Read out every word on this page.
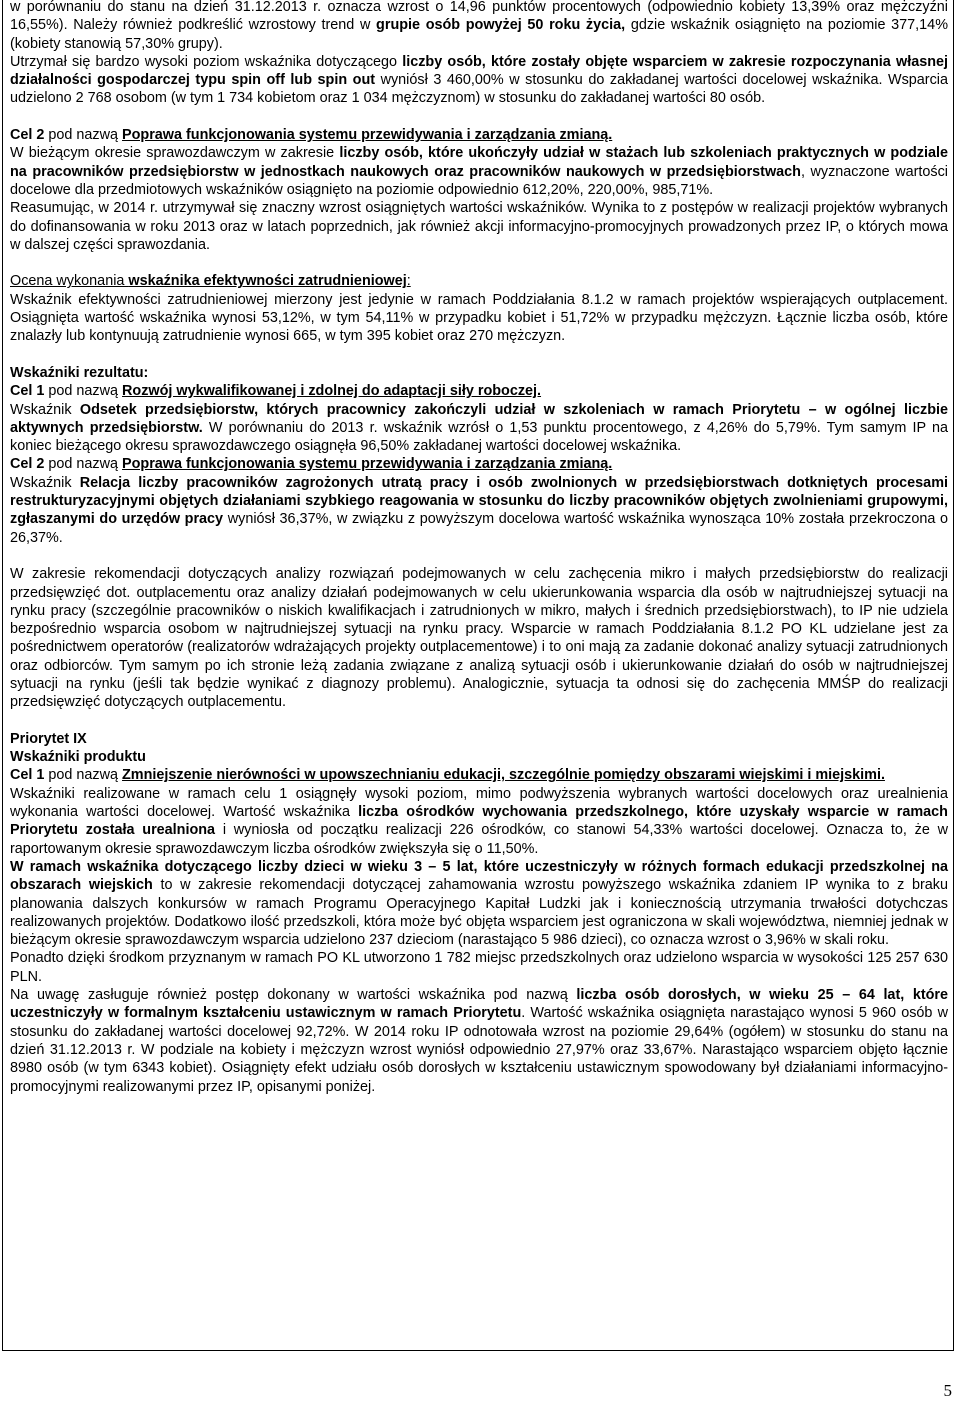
w porównaniu do stanu na dzień 31.12.2013 r. oznacza wzrost o 14,96 punktów procentowych (odpowiednio kobiety 13,39% oraz mężczyźni 16,55%). Należy również podkreślić wzrostowy trend w grupie osób powyżej 50 roku życia, gdzie wskaźnik osiągnięto na poziomie 377,14% (kobiety stanowią 57,30% grupy).

Utrzymał się bardzo wysoki poziom wskaźnika dotyczącego liczby osób, które zostały objęte wsparciem w zakresie rozpoczynania własnej działalności gospodarczej typu spin off lub spin out wyniósł 3 460,00% w stosunku do zakładanej wartości docelowej wskaźnika. Wsparcia udzielono 2 768 osobom (w tym 1 734 kobietom oraz 1 034 mężczyznom) w stosunku do zakładanej wartości 80 osób.

Cel 2 pod nazwą Poprawa funkcjonowania systemu przewidywania i zarządzania zmianą.

W bieżącym okresie sprawozdawczym w zakresie liczby osób, które ukończyły udział w stażach lub szkoleniach praktycznych w podziale na pracowników przedsiębiorstw w jednostkach naukowych oraz pracowników naukowych w przedsiębiorstwach, wyznaczone wartości docelowe dla przedmiotowych wskaźników osiągnięto na poziomie odpowiednio 612,20%, 220,00%, 985,71%.

Reasumując, w 2014 r. utrzymywał się znaczny wzrost osiągniętych wartości wskaźników. Wynika to z postępów w realizacji projektów wybranych do dofinansowania w roku 2013 oraz w latach poprzednich, jak również akcji informacyjno-promocyjnych prowadzonych przez IP, o których mowa w dalszej części sprawozdania.

Ocena wykonania wskaźnika efektywności zatrudnieniowej:

Wskaźnik efektywności zatrudnieniowej mierzony jest jedynie w ramach Poddziałania 8.1.2 w ramach projektów wspierających outplacement. Osiągnięta wartość wskaźnika wynosi 53,12%, w tym 54,11% w przypadku kobiet i 51,72% w przypadku mężczyzn. Łącznie liczba osób, które znalazły lub kontynuują zatrudnienie wynosi 665, w tym 395 kobiet oraz 270 mężczyzn.

Wskaźniki rezultatu:

Cel 1 pod nazwą Rozwój wykwalifikowanej i zdolnej do adaptacji siły roboczej.

Wskaźnik Odsetek przedsiębiorstw, których pracownicy zakończyli udział w szkoleniach w ramach Priorytetu – w ogólnej liczbie aktywnych przedsiębiorstw. W porównaniu do 2013 r. wskaźnik wzrósł o 1,53 punktu procentowego, z 4,26% do 5,79%. Tym samym IP na koniec bieżącego okresu sprawozdawczego osiągnęła 96,50% zakładanej wartości docelowej wskaźnika.

Cel 2 pod nazwą Poprawa funkcjonowania systemu przewidywania i zarządzania zmianą.

Wskaźnik Relacja liczby pracowników zagrożonych utratą pracy i osób zwolnionych w przedsiębiorstwach dotkniętych procesami restrukturyzacyjnymi objętych działaniami szybkiego reagowania w stosunku do liczby pracowników objętych zwolnieniami grupowymi, zgłaszanymi do urzędów pracy wyniósł 36,37%, w związku z powyższym docelowa wartość wskaźnika wynosząca 10% została przekroczona o 26,37%.

W zakresie rekomendacji dotyczących analizy rozwiązań podejmowanych w celu zachęcenia mikro i małych przedsiębiorstw do realizacji przedsięwzięć dot. outplacementu oraz analizy działań podejmowanych w celu ukierunkowania wsparcia dla osób w najtrudniejszej sytuacji na rynku pracy (szczególnie pracowników o niskich kwalifikacjach i zatrudnionych w mikro, małych i średnich przedsiębiorstwach), to IP nie udziela bezpośrednio wsparcia osobom w najtrudniejszej sytuacji na rynku pracy. Wsparcie w ramach Poddziałania 8.1.2 PO KL udzielane jest za pośrednictwem operatorów (realizatorów wdrażających projekty outplacementowe) i to oni mają za zadanie dokonać analizy sytuacji zatrudnionych oraz odbiorców. Tym samym po ich stronie leżą zadania związane z analizą sytuacji osób i ukierunkowanie działań do osób w najtrudniejszej sytuacji na rynku (jeśli tak będzie wynikać z diagnozy problemu). Analogicznie, sytuacja ta odnosi się do zachęcenia MMŚP do realizacji przedsięwzięć dotyczących outplacementu.

Priorytet IX

Wskaźniki produktu

Cel 1 pod nazwą Zmniejszenie nierówności w upowszechnianiu edukacji, szczególnie pomiędzy obszarami wiejskimi i miejskimi.

Wskaźniki realizowane w ramach celu 1 osiągnęły wysoki poziom, mimo podwyższenia wybranych wartości docelowych oraz urealnienia wykonania wartości docelowej. Wartość wskaźnika liczba ośrodków wychowania przedszkolnego, które uzyskały wsparcie w ramach Priorytetu została urealniona i wyniosła od początku realizacji 226 ośrodków, co stanowi 54,33% wartości docelowej. Oznacza to, że w raportowanym okresie sprawozdawczym liczba ośrodków zwiększyła się o 11,50%.

W ramach wskaźnika dotyczącego liczby dzieci w wieku 3 – 5 lat, które uczestniczyły w różnych formach edukacji przedszkolnej na obszarach wiejskich to w zakresie rekomendacji dotyczącej zahamowania wzrostu powyższego wskaźnika zdaniem IP wynika to z braku planowania dalszych konkursów w ramach Programu Operacyjnego Kapitał Ludzki jak i koniecznością utrzymania trwałości dotychczas realizowanych projektów. Dodatkowo ilość przedszkoli, która może być objęta wsparciem jest ograniczona w skali województwa, niemniej jednak w bieżącym okresie sprawozdawczym wsparcia udzielono 237 dzieciom (narastająco 5 986 dzieci), co oznacza wzrost o 3,96% w skali roku.

Ponadto dzięki środkom przyznanym w ramach PO KL utworzono 1 782 miejsc przedszkolnych oraz udzielono wsparcia w wysokości 125 257 630 PLN.

Na uwagę zasługuje również postęp dokonany w wartości wskaźnika pod nazwą liczba osób dorosłych, w wieku 25 – 64 lat, które uczestniczyły w formalnym kształceniu ustawicznym w ramach Priorytetu. Wartość wskaźnika osiągnięta narastająco wynosi 5 960 osób w stosunku do zakładanej wartości docelowej 92,72%. W 2014 roku IP odnotowała wzrost na poziomie 29,64% (ogółem) w stosunku do stanu na dzień 31.12.2013 r. W podziale na kobiety i mężczyzn wzrost wyniósł odpowiednio 27,97% oraz 33,67%. Narastająco wsparciem objęto łącznie 8980 osób (w tym 6343 kobiet). Osiągnięty efekt udziału osób dorosłych w kształceniu ustawicznym spowodowany był działaniami informacyjno-promocyjnymi realizowanymi przez IP, opisanymi poniżej.

5
